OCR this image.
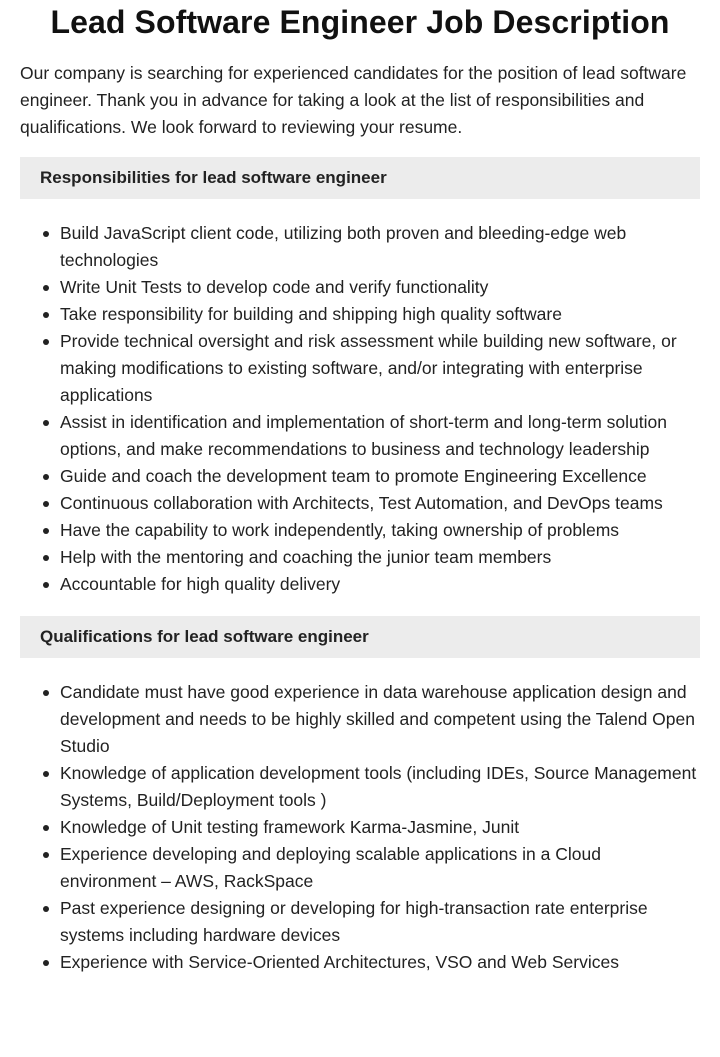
Lead Software Engineer Job Description

Our company is searching for experienced candidates for the position of lead software engineer. Thank you in advance for taking a look at the list of responsibilities and qualifications. We look forward to reviewing your resume.

Responsibilities for lead software engineer
Build JavaScript client code, utilizing both proven and bleeding-edge web technologies
Write Unit Tests to develop code and verify functionality
Take responsibility for building and shipping high quality software
Provide technical oversight and risk assessment while building new software, or making modifications to existing software, and/or integrating with enterprise applications
Assist in identification and implementation of short-term and long-term solution options, and make recommendations to business and technology leadership
Guide and coach the development team to promote Engineering Excellence
Continuous collaboration with Architects, Test Automation, and DevOps teams
Have the capability to work independently, taking ownership of problems
Help with the mentoring and coaching the junior team members
Accountable for high quality delivery
Qualifications for lead software engineer
Candidate must have good experience in data warehouse application design and development and needs to be highly skilled and competent using the Talend Open Studio
Knowledge of application development tools (including IDEs, Source Management Systems, Build/Deployment tools )
Knowledge of Unit testing framework Karma-Jasmine, Junit
Experience developing and deploying scalable applications in a Cloud environment – AWS, RackSpace
Past experience designing or developing for high-transaction rate enterprise systems including hardware devices
Experience with Service-Oriented Architectures, VSO and Web Services
